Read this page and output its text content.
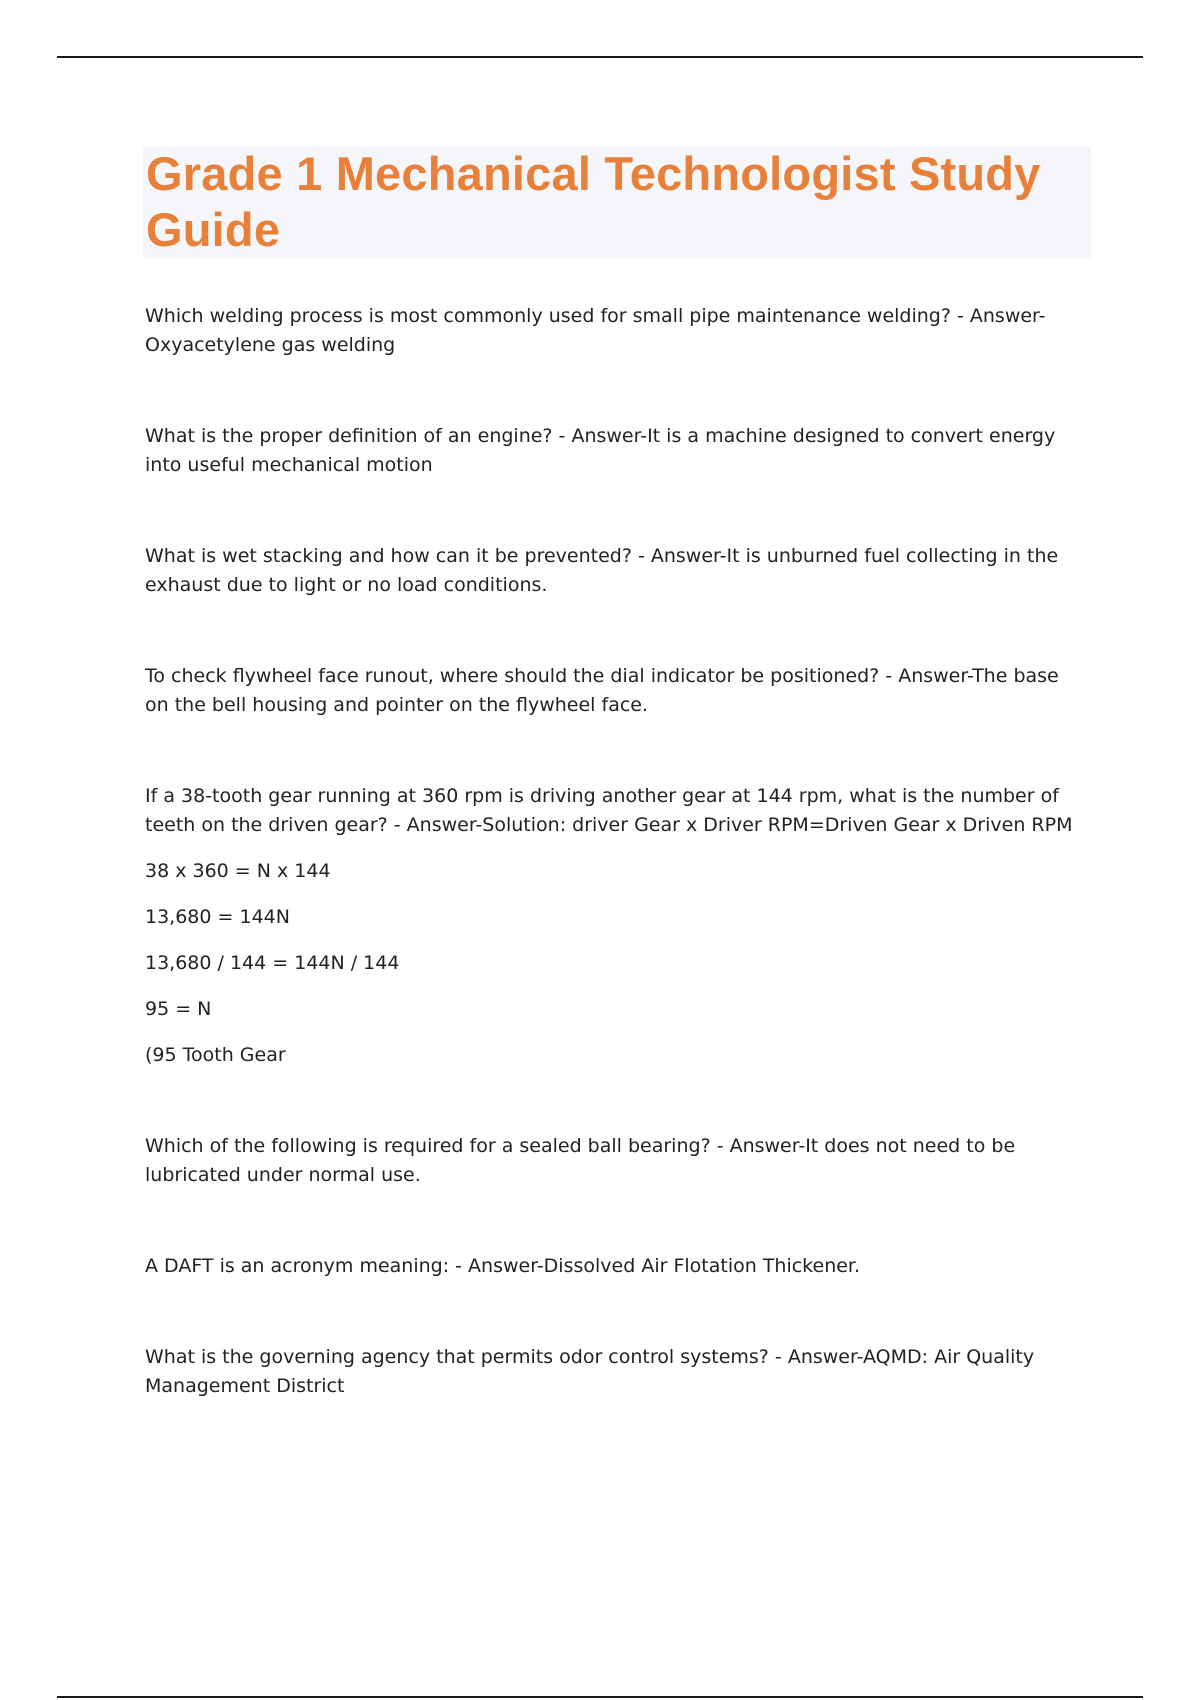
Grade 1 Mechanical Technologist Study Guide

Which welding process is most commonly used for small pipe maintenance welding? - Answer-Oxyacetylene gas welding

What is the proper definition of an engine? - Answer-It is a machine designed to convert energy into useful mechanical motion

What is wet stacking and how can it be prevented? - Answer-It is unburned fuel collecting in the exhaust due to light or no load conditions.

To check flywheel face runout, where should the dial indicator be positioned? - Answer-The base on the bell housing and pointer on the flywheel face.

If a 38-tooth gear running at 360 rpm is driving another gear at 144 rpm, what is the number of teeth on the driven gear? - Answer-Solution: driver Gear x Driver RPM=Driven Gear x Driven RPM

38 x 360 = N x 144

13,680 = 144N

13,680 / 144 = 144N / 144

95 = N

(95 Tooth Gear

Which of the following is required for a sealed ball bearing? - Answer-It does not need to be lubricated under normal use.

A DAFT is an acronym meaning: - Answer-Dissolved Air Flotation Thickener.

What is the governing agency that permits odor control systems? - Answer-AQMD: Air Quality Management District
